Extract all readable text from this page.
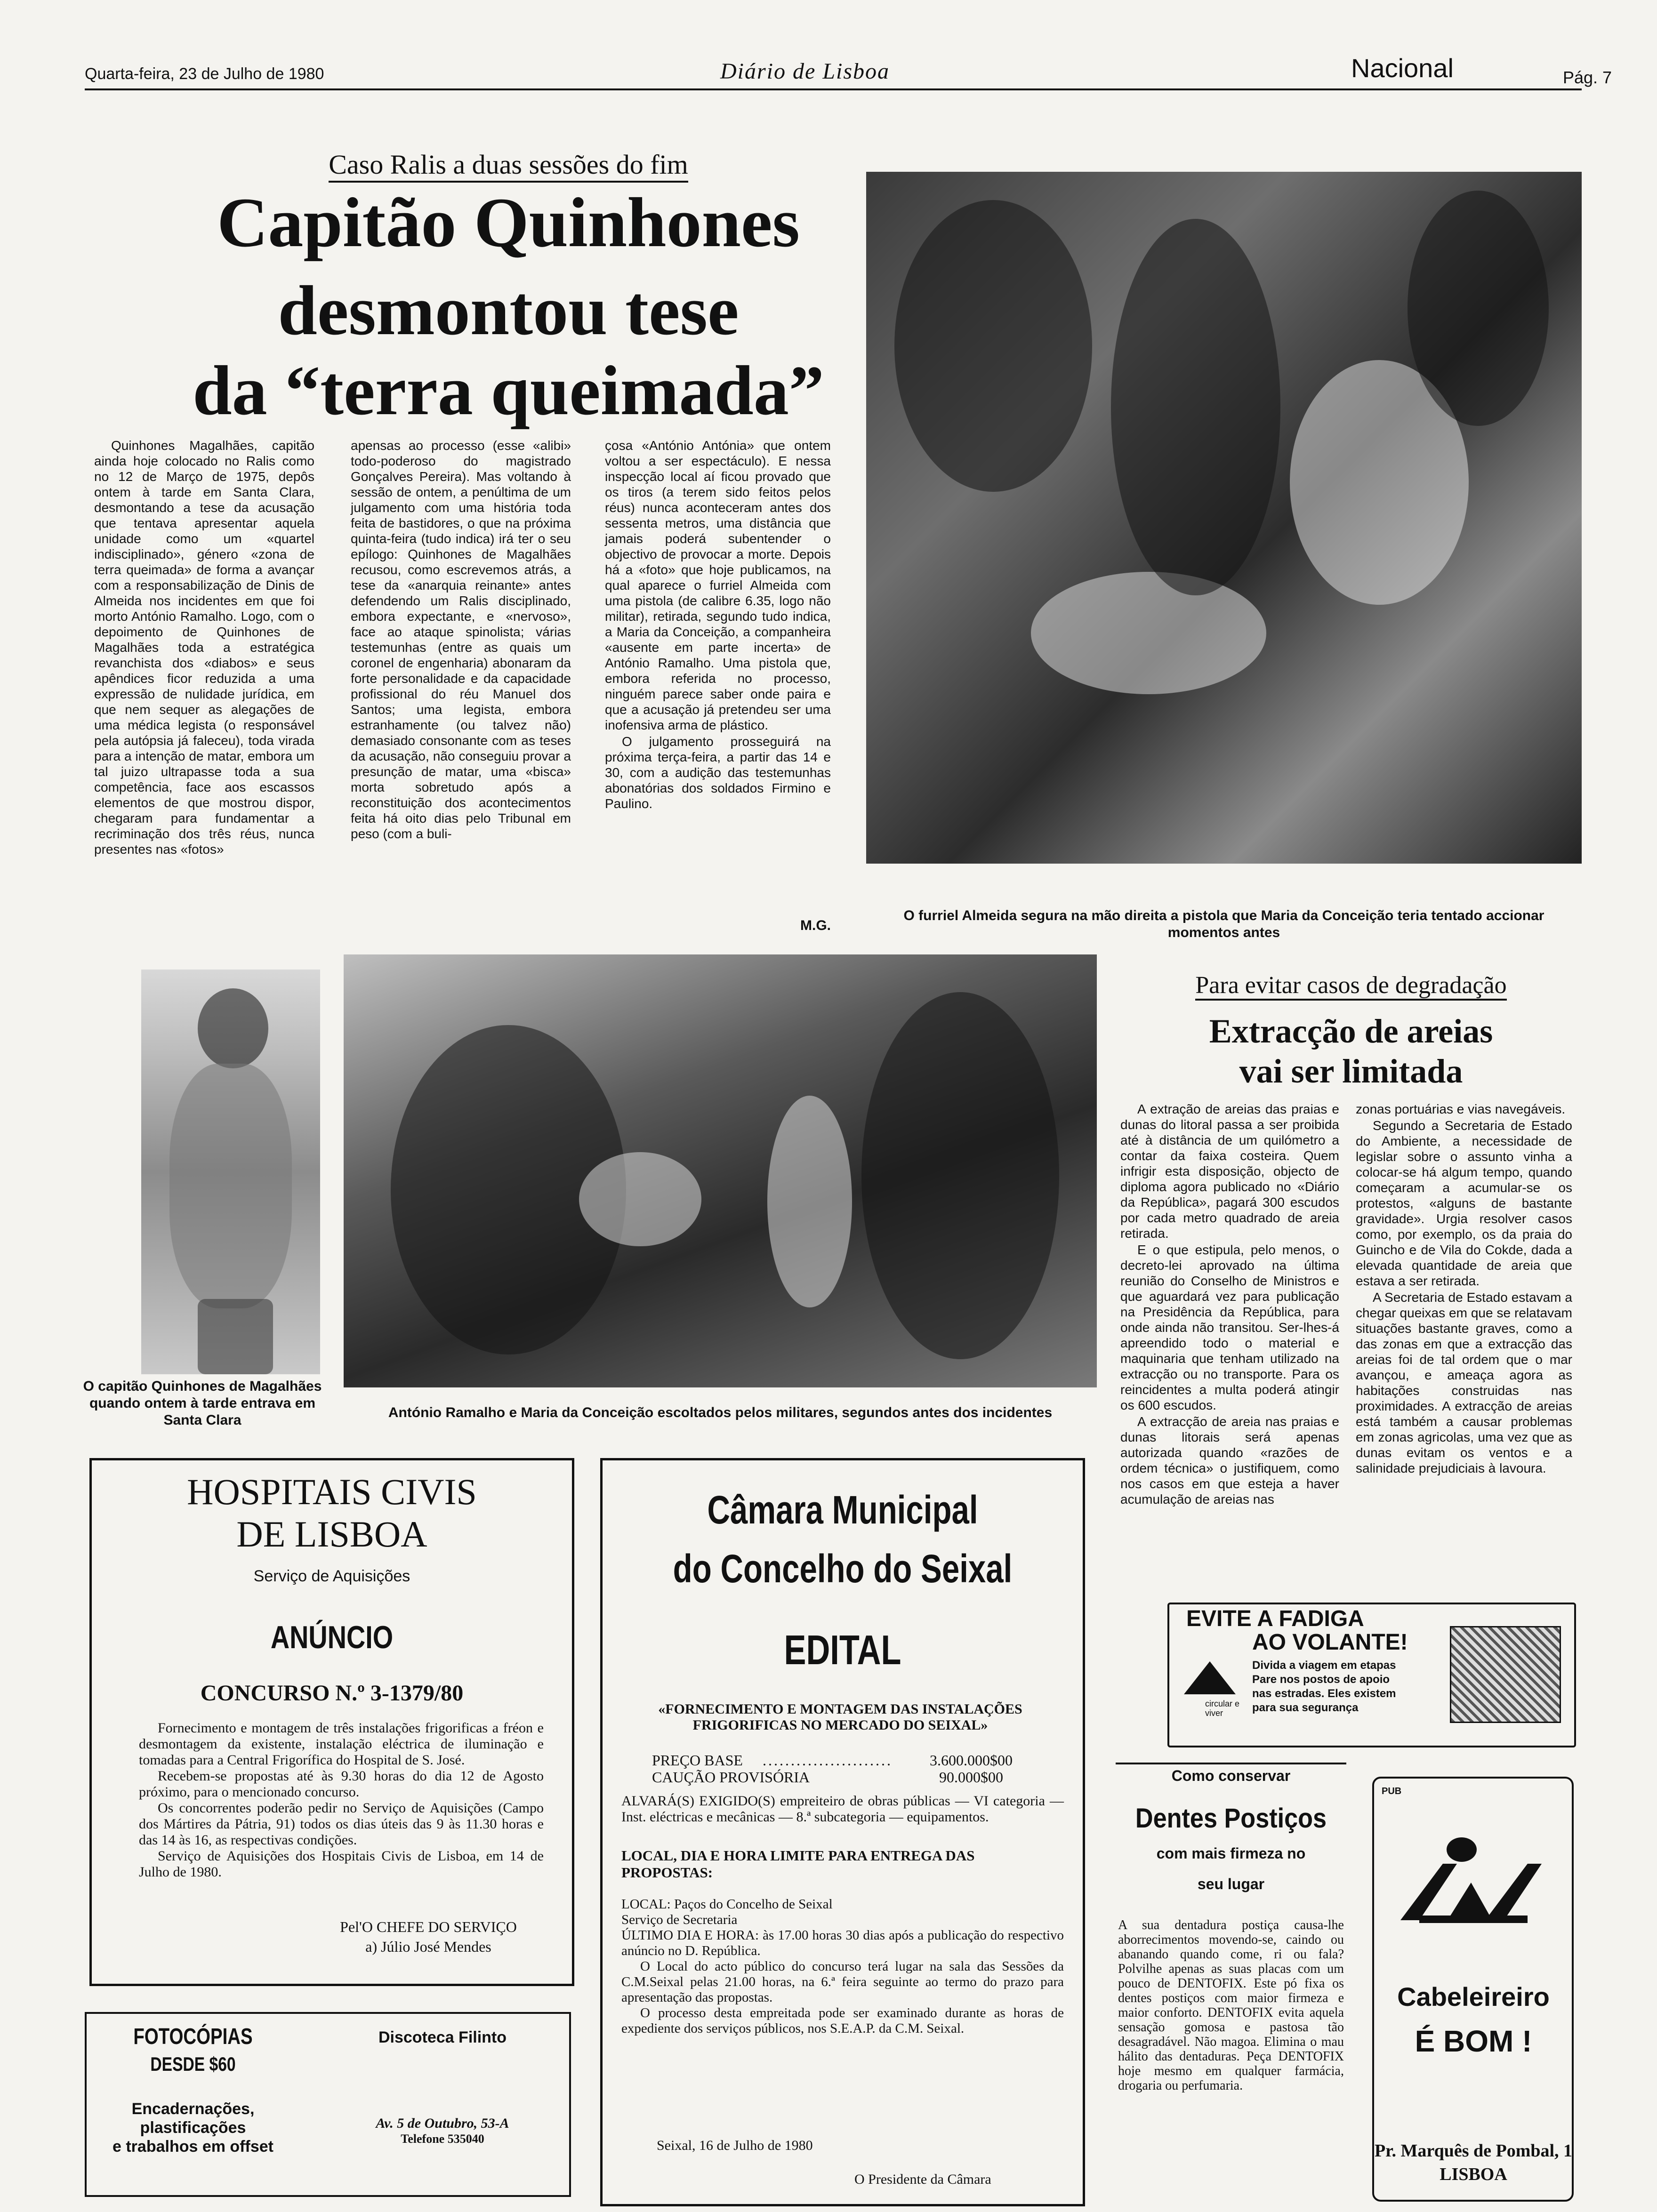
Quarta-feira, 23 de Julho de 1980	Diário de Lisboa	Nacional	Pág. 7
Caso Ralis a duas sessões do fim
Capitão Quinhones
desmontou tese
da “terra queimada”

Quinhones Magalhães, capitão ainda hoje colocado no Ralis como no 12 de Março de 1975, depôs ontem à tarde em Santa Clara, desmontando a tese da acusação que tentava apresentar aquela unidade como um «quartel indisciplinado», género «zona de terra queimada» de forma a avançar com a responsabilização de Dinis de Almeida nos incidentes em que foi morto António Ramalho. Logo, com o depoimento de Quinhones de Magalhães toda a estratégica revanchista dos «diabos» e seus apêndices ficor reduzida a uma expressão de nulidade jurídica, em que nem sequer as alegações de uma médica legista (o responsável pela autópsia já faleceu), toda virada para a intenção de matar, embora um tal juizo ultrapasse toda a sua competência, face aos escassos elementos de que mostrou dispor, chegaram para fundamentar a recriminação dos três réus, nunca presentes nas «fotos»

apensas ao processo (esse «alibi» todo-poderoso do magistrado Gonçalves Pereira). Mas voltando à sessão de ontem, a penúltima de um julgamento com uma história toda feita de bastidores, o que na próxima quinta-feira (tudo indica) irá ter o seu epílogo: Quinhones de Magalhães recusou, como escrevemos atrás, a tese da «anarquia reinante» antes defendendo um Ralis disciplinado, embora expectante, e «nervoso», face ao ataque spinolista; várias testemunhas (entre as quais um coronel de engenharia) abonaram da forte personalidade e da capacidade profissional do réu Manuel dos Santos; uma legista, embora estranhamente (ou talvez não) demasiado consonante com as teses da acusação, não conseguiu provar a presunção de matar, uma «bisca» morta sobretudo após a reconstituição dos acontecimentos feita há oito dias pelo Tribunal em peso (com a buli-

çosa «António Antónia» que ontem voltou a ser espectáculo). E nessa inspecção local aí ficou provado que os tiros (a terem sido feitos pelos réus) nunca aconteceram antes dos sessenta metros, uma distância que jamais poderá subentender o objectivo de provocar a morte. Depois há a «foto» que hoje publicamos, na qual aparece o furriel Almeida com uma pistola (de calibre 6.35, logo não militar), retirada, segundo tudo indica, a Maria da Conceição, a companheira «ausente em parte incerta» de António Ramalho. Uma pistola que, embora referida no processo, ninguém parece saber onde paira e que a acusação já pretendeu ser uma inofensiva arma de plástico.

O julgamento prosseguirá na próxima terça-feira, a partir das 14 e 30, com a audição das testemunhas abonatórias dos soldados Firmino e Paulino.

M.G.
O furriel Almeida segura na mão direita a pistola que Maria da Conceição teria tentado accionar momentos antes
O capitão Quinhones de Magalhães quando ontem à tarde entrava em Santa Clara	António Ramalho e Maria da Conceição escoltados pelos militares, segundos antes dos incidentes
Para evitar casos de degradação
Extracção de areias
vai ser limitada

A extração de areias das praias e dunas do litoral passa a ser proibida até à distância de um quilómetro a contar da faixa costeira. Quem infrigir esta disposição, objecto de diploma agora publicado no «Diário da República», pagará 300 escudos por cada metro quadrado de areia retirada.

E o que estipula, pelo menos, o decreto-lei aprovado na última reunião do Conselho de Ministros e que aguardará vez para publicação na Presidência da República, para onde ainda não transitou. Ser-lhes-á apreendido todo o material e maquinaria que tenham utilizado na extracção ou no transporte. Para os reincidentes a multa poderá atingir os 600 escudos.

A extracção de areia nas praias e dunas litorais será apenas autorizada quando «razões de ordem técnica» o justifiquem, como nos casos em que esteja a haver acumulação de areias nas

zonas portuárias e vias navegáveis.

Segundo a Secretaria de Estado do Ambiente, a necessidade de legislar sobre o assunto vinha a colocar-se há algum tempo, quando começaram a acumular-se os protestos, «alguns de bastante gravidade». Urgia resolver casos como, por exemplo, os da praia do Guincho e de Vila do Cokde, dada a elevada quantidade de areia que estava a ser retirada.

A Secretaria de Estado estavam a chegar queixas em que se relatavam situações bastante graves, como a das zonas em que a extracção das areias foi de tal ordem que o mar avançou, e ameaça agora as habitações construidas nas proximidades. A extracção de areias está também a causar problemas em zonas agricolas, uma vez que as dunas evitam os ventos e a salinidade prejudiciais à lavoura.

HOSPITAIS CIVIS
DE LISBOA
Serviço de Aquisições
ANÚNCIO
CONCURSO N.º 3-1379/80

Fornecimento e montagem de três instalações frigorificas a fréon e desmontagem da existente, instalação eléctrica de iluminação e tomadas para a Central Frigorífica do Hospital de S. José.

Recebem-se propostas até às 9.30 horas do dia 12 de Agosto próximo, para o mencionado concurso.

Os concorrentes poderão pedir no Serviço de Aquisições (Campo dos Mártires da Pátria, 91) todos os dias úteis das 9 às 11.30 horas e das 14 às 16, as respectivas condições.

Serviço de Aquisições dos Hospitais Civis de Lisboa, em 14 de Julho de 1980.

Pel'O CHEFE DO SERVIÇO
a) Júlio José Mendes
Câmara Municipal
do Concelho do Seixal
EDITAL
«FORNECIMENTO E MONTAGEM DAS INSTALAÇÕES FRIGORIFICAS NO MERCADO DO SEIXAL»
PREÇO BASE ....................... 3.600.000$00
CAUÇÃO PROVISÓRIA	90.000$00
ALVARÁ(S) EXIGIDO(S) empreiteiro de obras públicas — VI categoria — Inst. eléctricas e mecânicas — 8.ª subcategoria — equipamentos.
LOCAL, DIA E HORA LIMITE PARA ENTREGA DAS PROPOSTAS:
LOCAL: Paços do Concelho de Seixal
Serviço de Secretaria
ÚLTIMO DIA E HORA: às 17.00 horas 30 dias após a publicação do respectivo anúncio no D. República.
O Local do acto público do concurso terá lugar na sala das Sessões da C.M.Seixal pelas 21.00 horas, na 6.ª feira seguinte ao termo do prazo para apresentação das propostas.
O processo desta empreitada pode ser examinado durante as horas de expediente dos serviços públicos, nos S.E.A.P. da C.M. Seixal.
Seixal, 16 de Julho de 1980
O Presidente da Câmara
EVITE A FADIGA
AO VOLANTE!
Divida a viagem em etapas
Pare nos postos de apoio
nas estradas. Eles existem
para sua segurança
circular e viver
Como conservar
Dentes Postiços
com mais firmeza no
seu lugar
A sua dentadura postiça causa-lhe aborrecimentos movendo-se, caindo ou abanando quando come, ri ou fala? Polvilhe apenas as suas placas com um pouco de DENTOFIX. Este pó fixa os dentes postiços com maior firmeza e maior conforto. DENTOFIX evita aquela sensação gomosa e pastosa tão desagradável. Não magoa. Elimina o mau hálito das dentaduras. Peça DENTOFIX hoje mesmo em qualquer farmácia, drogaria ou perfumaria.
PUB
Cabeleireiro
É BOM !
Pr. Marquês de Pombal, 1
LISBOA
FOTOCÓPIAS
DESDE $60
Encadernações,
plastificações
e trabalhos em offset
Discoteca Filinto
Av. 5 de Outubro, 53-A
Telefone 535040
